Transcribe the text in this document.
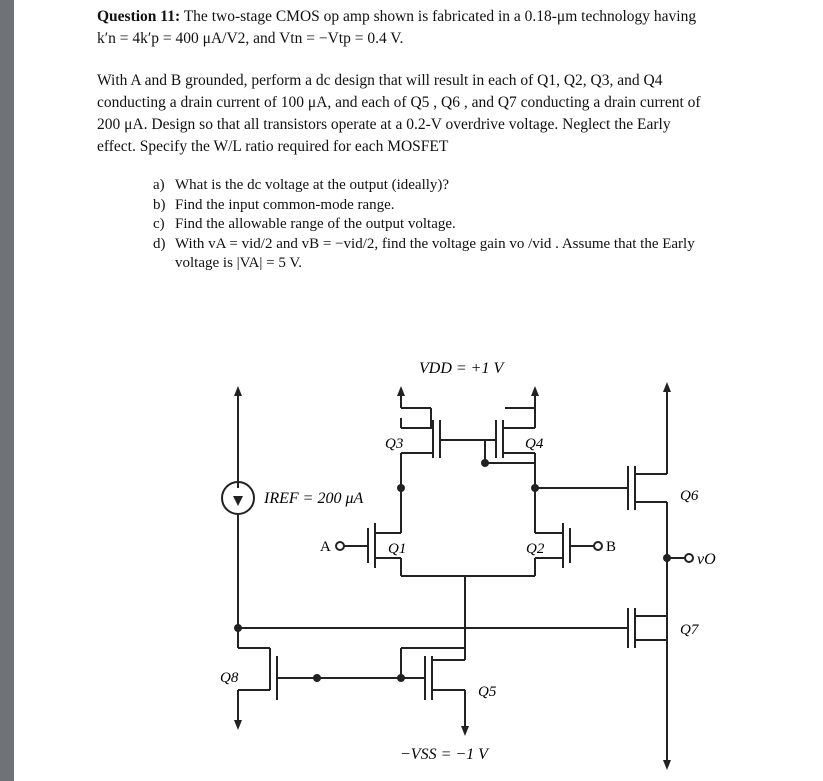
Question 11: The two-stage CMOS op amp shown is fabricated in a 0.18-μm technology having
k′n = 4k′p = 400 μA/V2, and Vtn = −Vtp = 0.4 V.

With A and B grounded, perform a dc design that will result in each of Q1, Q2, Q3, and Q4

conducting a drain current of 100 μA, and each of Q5 , Q6 , and Q7 conducting a drain current of

200 μA. Design so that all transistors operate at a 0.2-V overdrive voltage. Neglect the Early

effect. Specify the W/L ratio required for each MOSFET

a) What is the dc voltage at the output (ideally)?
b) Find the input common-mode range.
c) Find the allowable range of the output voltage.
d) With vA = vid/2 and vB = −vid/2, find the voltage gain vo /vid . Assume that the Early
voltage is |VA| = 5 V.
VDD = +1 V
−VSS = −1 V
IREF = 200 μA
A	B
vO
Q1	Q2
Q3	Q4
Q5
Q6
Q7
Q8
